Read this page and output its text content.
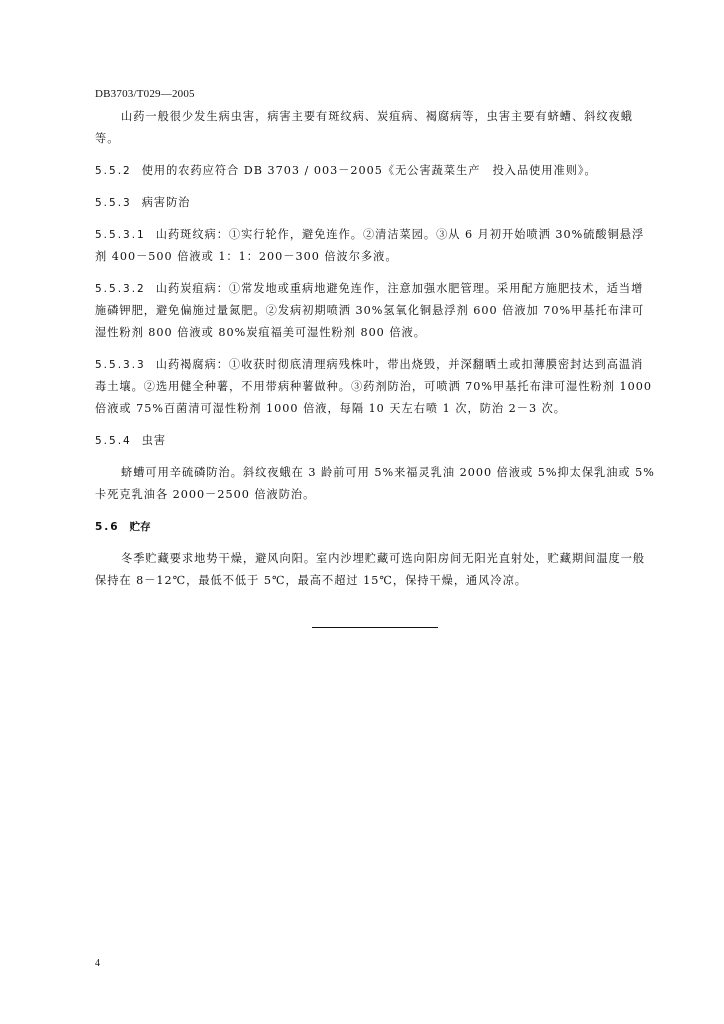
DB3703/T029—2005

山药一般很少发生病虫害，病害主要有斑纹病、炭疽病、褐腐病等，虫害主要有蛴螬、斜纹夜蛾等。

5.5.2 使用的农药应符合 DB 3703 / 003－2005《无公害蔬菜生产　投入品使用准则》。

5.5.3 病害防治

5.5.3.1 山药斑纹病：①实行轮作，避免连作。②清洁菜园。③从 6 月初开始喷洒 30%硫酸铜悬浮剂 400－500 倍液或 1：1：200－300 倍波尔多液。

5.5.3.2 山药炭疽病：①常发地或重病地避免连作，注意加强水肥管理。采用配方施肥技术，适当增施磷钾肥，避免偏施过量氮肥。②发病初期喷洒 30%氢氧化铜悬浮剂 600 倍液加 70%甲基托布津可湿性粉剂 800 倍液或 80%炭疽福美可湿性粉剂 800 倍液。

5.5.3.3 山药褐腐病：①收获时彻底清理病残株叶，带出烧毁，并深翻晒土或扣薄膜密封达到高温消毒土壤。②选用健全种薯，不用带病种薯做种。③药剂防治，可喷洒 70%甲基托布津可湿性粉剂 1000 倍液或 75%百菌清可湿性粉剂 1000 倍液，每隔 10 天左右喷 1 次，防治 2－3 次。

5.5.4 虫害

蛴螬可用辛硫磷防治。斜纹夜蛾在 3 龄前可用 5%来福灵乳油 2000 倍液或 5%抑太保乳油或 5%卡死克乳油各 2000－2500 倍液防治。

5.6 贮存

冬季贮藏要求地势干燥，避风向阳。室内沙埋贮藏可选向阳房间无阳光直射处，贮藏期间温度一般保持在 8－12℃，最低不低于 5℃，最高不超过 15℃，保持干燥，通风冷凉。

4
